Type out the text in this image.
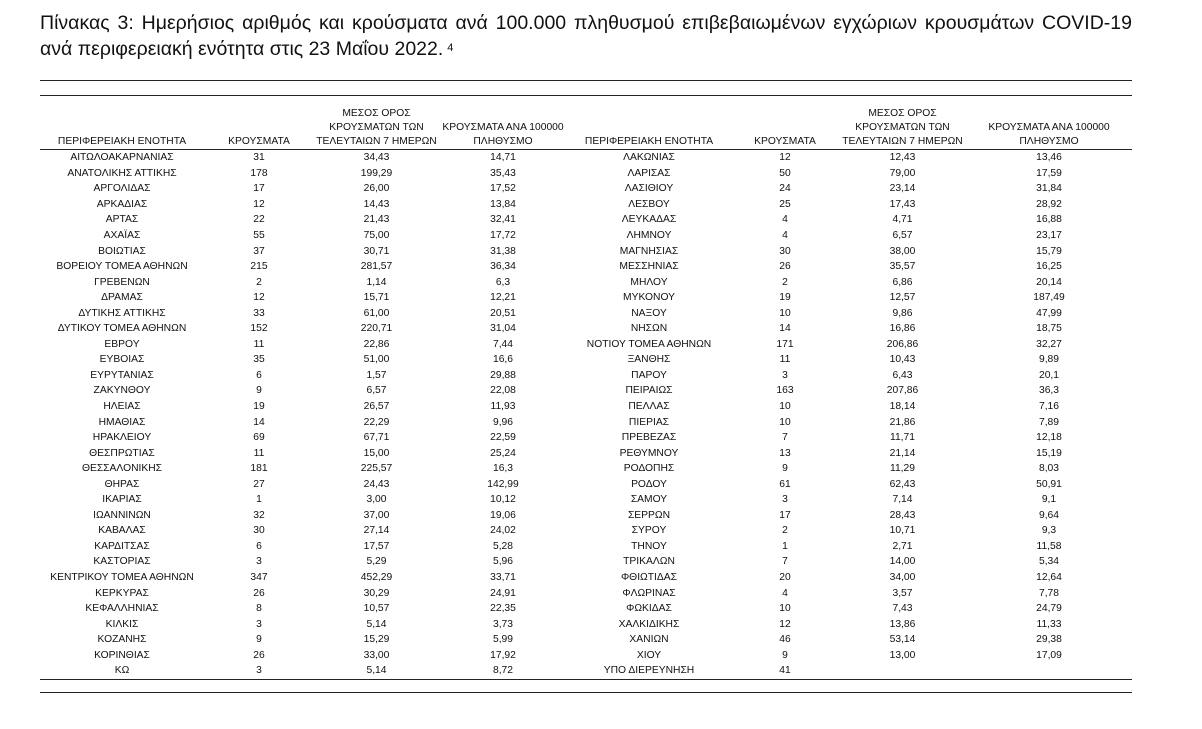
Πίνακας 3: Ημερήσιος αριθμός και κρούσματα ανά 100.000 πληθυσμού επιβεβαιωμένων εγχώριων κρουσμάτων COVID-19 ανά περιφερειακή ενότητα στις 23 Μαΐου 2022. $^4$
ΠΕΡΙΦΕΡΕΙΑΚΗ ΕΝΟΤΗΤΑ	ΚΡΟΥΣΜΑΤΑ	ΜΕΣΟΣ ΟΡΟΣ ΚΡΟΥΣΜΑΤΩΝ ΤΩΝ ΤΕΛΕΥΤΑΙΩΝ 7 ΗΜΕΡΩΝ	ΚΡΟΥΣΜΑΤΑ ΑΝΑ 100000 ΠΛΗΘΥΣΜΟ	ΠΕΡΙΦΕΡΕΙΑΚΗ ΕΝΟΤΗΤΑ	ΚΡΟΥΣΜΑΤΑ	ΜΕΣΟΣ ΟΡΟΣ ΚΡΟΥΣΜΑΤΩΝ ΤΩΝ ΤΕΛΕΥΤΑΙΩΝ 7 ΗΜΕΡΩΝ	ΚΡΟΥΣΜΑΤΑ ΑΝΑ 100000 ΠΛΗΘΥΣΜΟ
ΑΙΤΩΛΟΑΚΑΡΝΑΝΙΑΣ	31	34,43	14,71	ΛΑΚΩΝΙΑΣ	12	12,43	13,46
ΑΝΑΤΟΛΙΚΗΣ ΑΤΤΙΚΗΣ	178	199,29	35,43	ΛΑΡΙΣΑΣ	50	79,00	17,59
ΑΡΓΟΛΙΔΑΣ	17	26,00	17,52	ΛΑΣΙΘΙΟΥ	24	23,14	31,84
ΑΡΚΑΔΙΑΣ	12	14,43	13,84	ΛΕΣΒΟΥ	25	17,43	28,92
ΑΡΤΑΣ	22	21,43	32,41	ΛΕΥΚΑΔΑΣ	4	4,71	16,88
ΑΧΑΪΑΣ	55	75,00	17,72	ΛΗΜΝΟΥ	4	6,57	23,17
ΒΟΙΩΤΙΑΣ	37	30,71	31,38	ΜΑΓΝΗΣΙΑΣ	30	38,00	15,79
ΒΟΡΕΙΟΥ ΤΟΜΕΑ ΑΘΗΝΩΝ	215	281,57	36,34	ΜΕΣΣΗΝΙΑΣ	26	35,57	16,25
ΓΡΕΒΕΝΩΝ	2	1,14	6,3	ΜΗΛΟΥ	2	6,86	20,14
ΔΡΑΜΑΣ	12	15,71	12,21	ΜΥΚΟΝΟΥ	19	12,57	187,49
ΔΥΤΙΚΗΣ ΑΤΤΙΚΗΣ	33	61,00	20,51	ΝΑΞΟΥ	10	9,86	47,99
ΔΥΤΙΚΟΥ ΤΟΜΕΑ ΑΘΗΝΩΝ	152	220,71	31,04	ΝΗΣΩΝ	14	16,86	18,75
ΕΒΡΟΥ	11	22,86	7,44	ΝΟΤΙΟΥ ΤΟΜΕΑ ΑΘΗΝΩΝ	171	206,86	32,27
ΕΥΒΟΙΑΣ	35	51,00	16,6	ΞΑΝΘΗΣ	11	10,43	9,89
ΕΥΡΥΤΑΝΙΑΣ	6	1,57	29,88	ΠΑΡΟΥ	3	6,43	20,1
ΖΑΚΥΝΘΟΥ	9	6,57	22,08	ΠΕΙΡΑΙΩΣ	163	207,86	36,3
ΗΛΕΙΑΣ	19	26,57	11,93	ΠΕΛΛΑΣ	10	18,14	7,16
ΗΜΑΘΙΑΣ	14	22,29	9,96	ΠΙΕΡΙΑΣ	10	21,86	7,89
ΗΡΑΚΛΕΙΟΥ	69	67,71	22,59	ΠΡΕΒΕΖΑΣ	7	11,71	12,18
ΘΕΣΠΡΩΤΙΑΣ	11	15,00	25,24	ΡΕΘΥΜΝΟΥ	13	21,14	15,19
ΘΕΣΣΑΛΟΝΙΚΗΣ	181	225,57	16,3	ΡΟΔΟΠΗΣ	9	11,29	8,03
ΘΗΡΑΣ	27	24,43	142,99	ΡΟΔΟΥ	61	62,43	50,91
ΙΚΑΡΙΑΣ	1	3,00	10,12	ΣΑΜΟΥ	3	7,14	9,1
ΙΩΑΝΝΙΝΩΝ	32	37,00	19,06	ΣΕΡΡΩΝ	17	28,43	9,64
ΚΑΒΑΛΑΣ	30	27,14	24,02	ΣΥΡΟΥ	2	10,71	9,3
ΚΑΡΔΙΤΣΑΣ	6	17,57	5,28	ΤΗΝΟΥ	1	2,71	11,58
ΚΑΣΤΟΡΙΑΣ	3	5,29	5,96	ΤΡΙΚΑΛΩΝ	7	14,00	5,34
ΚΕΝΤΡΙΚΟΥ ΤΟΜΕΑ ΑΘΗΝΩΝ	347	452,29	33,71	ΦΘΙΩΤΙΔΑΣ	20	34,00	12,64
ΚΕΡΚΥΡΑΣ	26	30,29	24,91	ΦΛΩΡΙΝΑΣ	4	3,57	7,78
ΚΕΦΑΛΛΗΝΙΑΣ	8	10,57	22,35	ΦΩΚΙΔΑΣ	10	7,43	24,79
ΚΙΛΚΙΣ	3	5,14	3,73	ΧΑΛΚΙΔΙΚΗΣ	12	13,86	11,33
ΚΟΖΑΝΗΣ	9	15,29	5,99	ΧΑΝΙΩΝ	46	53,14	29,38
ΚΟΡΙΝΘΙΑΣ	26	33,00	17,92	ΧΙΟΥ	9	13,00	17,09
ΚΩ	3	5,14	8,72	ΥΠΟ ΔΙΕΡΕΥΝΗΣΗ	41		
